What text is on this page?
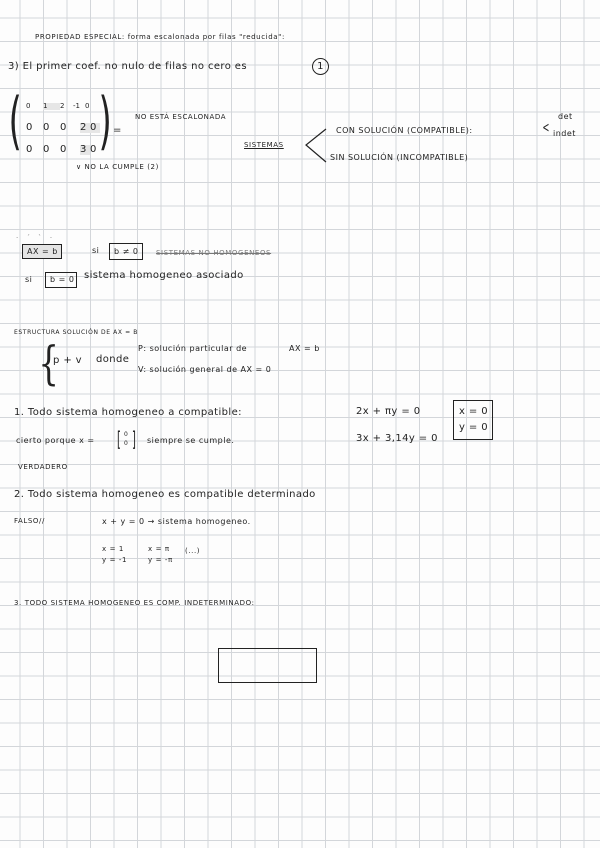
PROPIEDAD ESPECIAL: forma escalonada por filas "reducida":
3) El primer coef. no nulo de filas no cero es	1
( 0 1 2 -1 0
0 0 0 2 0
0 0 0 3 0 ) =
NO ESTÁ ESCALONADA
∨ NO LA CUMPLE (2)
SISTEMAS
CON SOLUCIÓN (COMPATIBLE):
SIN SOLUCIÓN (INCOMPATIBLE)
<
det
indet
· ˊ ˋ ·
AX = b	si b ≠ 0	SISTEMAS NO HOMOGENEOS
si b = 0 sistema homogeneo asociado
ESTRUCTURA SOLUCIÓN DE AX = B
{
p + v donde
P: solución particular de	AX = b
V: solución general de AX = 0
1. Todo sistema homogeneo a compatible:	2x + πy = 0
3x + 3,14y = 0
x = 0
y = 0
cierto porque x = [ 0
0 ] siempre se cumple.
VERDADERO
2. Todo sistema homogeneo es compatible determinado
FALSO//	x + y = 0 → sistema homogeneo.
x = 1
y = -1
x = π
y = -π
(...)
3. TODO SISTEMA HOMOGENEO ES COMP. INDETERMINADO:
